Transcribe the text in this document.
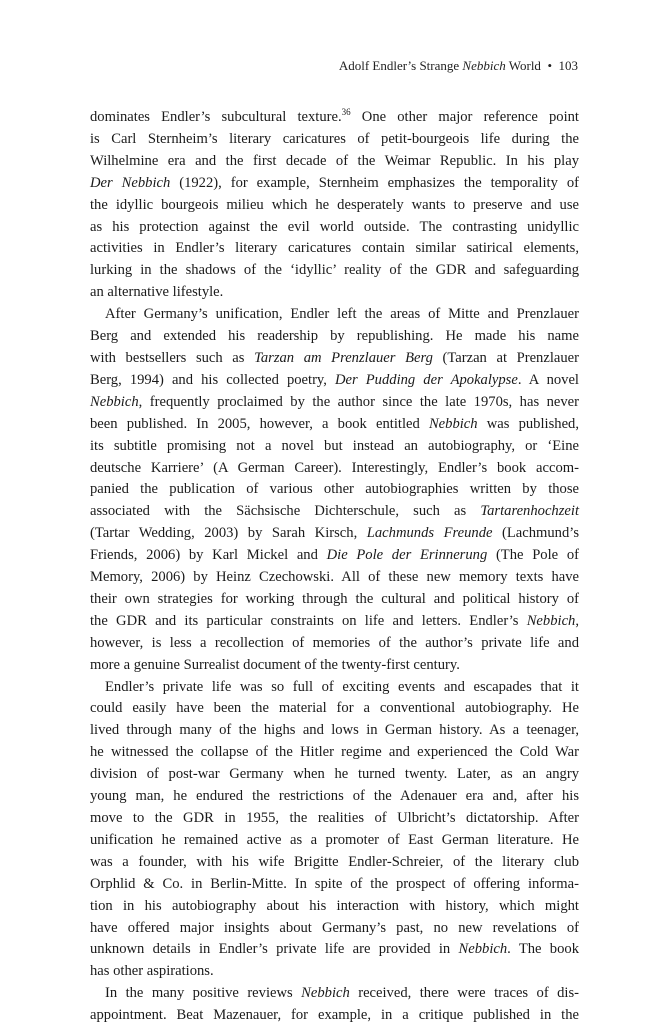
Adolf Endler’s Strange Nebbich World • 103

dominates Endler’s subcultural texture.$^{36}$ One other major reference point
is Carl Sternheim’s literary caricatures of petit-bourgeois life during the
Wilhelmine era and the first decade of the Weimar Republic. In his play
Der Nebbich (1922), for example, Sternheim emphasizes the temporality of
the idyllic bourgeois milieu which he desperately wants to preserve and use
as his protection against the evil world outside. The contrasting unidyllic
activities in Endler’s literary caricatures contain similar satirical elements,
lurking in the shadows of the ‘idyllic’ reality of the GDR and safeguarding
an alternative lifestyle.

After Germany’s unification, Endler left the areas of Mitte and Prenzlauer
Berg and extended his readership by republishing. He made his name
with bestsellers such as Tarzan am Prenzlauer Berg (Tarzan at Prenzlauer
Berg, 1994) and his collected poetry, Der Pudding der Apokalypse. A novel
Nebbich, frequently proclaimed by the author since the late 1970s, has never
been published. In 2005, however, a book entitled Nebbich was published,
its subtitle promising not a novel but instead an autobiography, or ‘Eine
deutsche Karriere’ (A German Career). Interestingly, Endler’s book accom-
panied the publication of various other autobiographies written by those
associated with the Sächsische Dichterschule, such as Tartarenhochzeit
(Tartar Wedding, 2003) by Sarah Kirsch, Lachmunds Freunde (Lachmund’s
Friends, 2006) by Karl Mickel and Die Pole der Erinnerung (The Pole of
Memory, 2006) by Heinz Czechowski. All of these new memory texts have
their own strategies for working through the cultural and political history of
the GDR and its particular constraints on life and letters. Endler’s Nebbich,
however, is less a recollection of memories of the author’s private life and
more a genuine Surrealist document of the twenty-first century.

Endler’s private life was so full of exciting events and escapades that it
could easily have been the material for a conventional autobiography. He
lived through many of the highs and lows in German history. As a teenager,
he witnessed the collapse of the Hitler regime and experienced the Cold War
division of post-war Germany when he turned twenty. Later, as an angry
young man, he endured the restrictions of the Adenauer era and, after his
move to the GDR in 1955, the realities of Ulbricht’s dictatorship. After
unification he remained active as a promoter of East German literature. He
was a founder, with his wife Brigitte Endler-Schreier, of the literary club
Orphlid & Co. in Berlin-Mitte. In spite of the prospect of offering informa-
tion in his autobiography about his interaction with history, which might
have offered major insights about Germany’s past, no new revelations of
unknown details in Endler’s private life are provided in Nebbich. The book
has other aspirations.

In the many positive reviews Nebbich received, there were traces of dis-
appointment. Beat Mazenauer, for example, in a critique published in the
